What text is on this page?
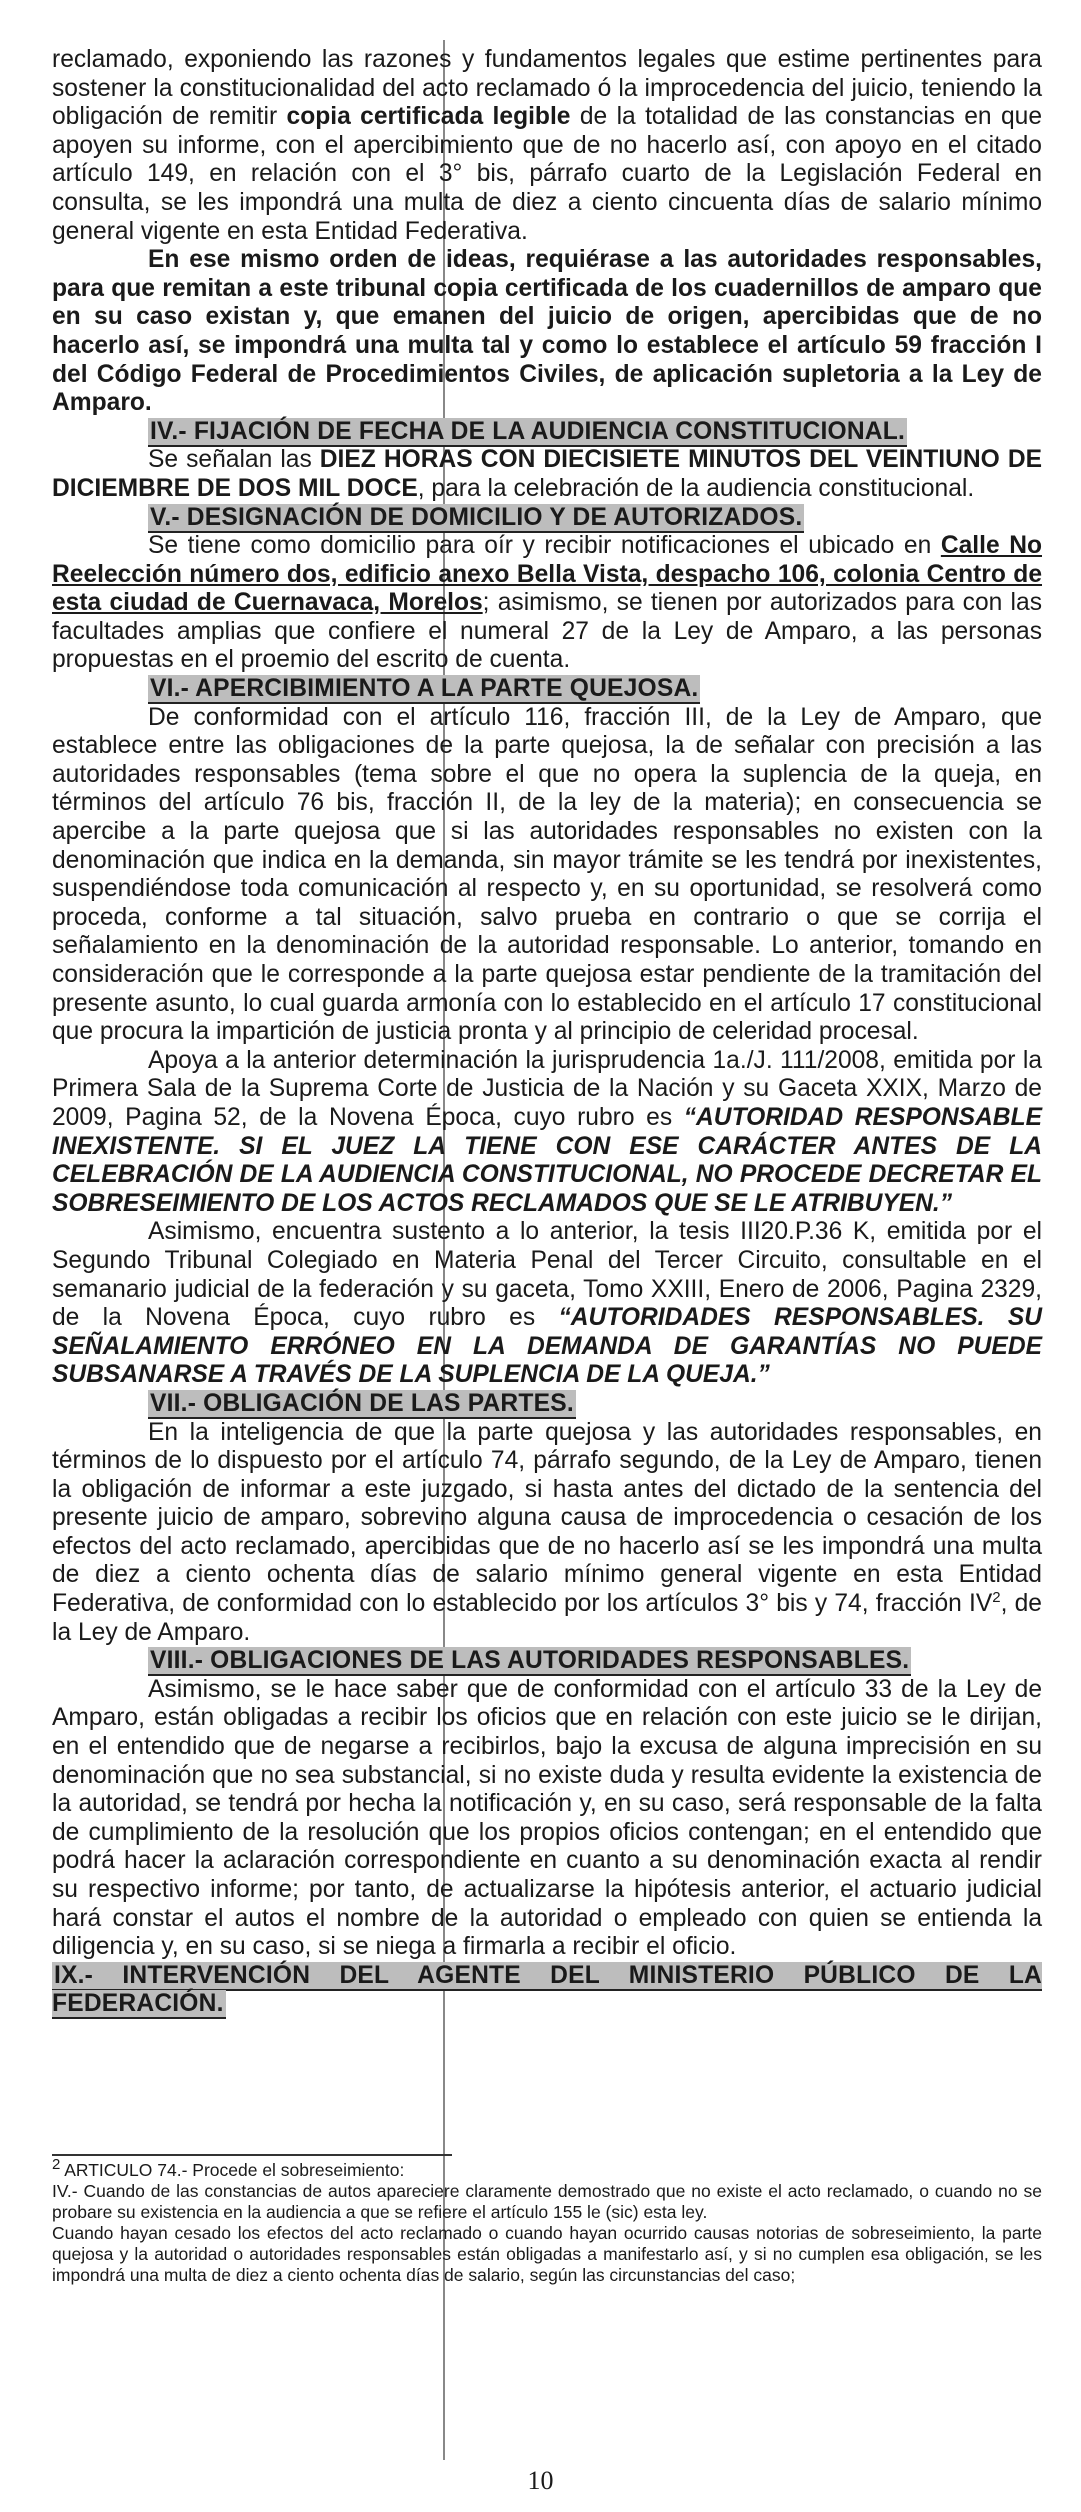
reclamado, exponiendo las razones y fundamentos legales que estime pertinentes para sostener la constitucionalidad del acto reclamado ó la improcedencia del juicio, teniendo la obligación de remitir copia certificada legible de la totalidad de las constancias en que apoyen su informe, con el apercibimiento que de no hacerlo así, con apoyo en el citado artículo 149, en relación con el 3° bis, párrafo cuarto de la Legislación Federal en consulta, se les impondrá una multa de diez a ciento cincuenta días de salario mínimo general vigente en esta Entidad Federativa.

En ese mismo orden de ideas, requiérase a las autoridades responsables, para que remitan a este tribunal copia certificada de los cuadernillos de amparo que en su caso existan y, que emanen del juicio de origen, apercibidas que de no hacerlo así, se impondrá una multa tal y como lo establece el artículo 59 fracción I del Código Federal de Procedimientos Civiles, de aplicación supletoria a la Ley de Amparo.

IV.- FIJACIÓN DE FECHA DE LA AUDIENCIA CONSTITUCIONAL.

Se señalan las DIEZ HORAS CON DIECISIETE MINUTOS DEL VEINTIUNO DE DICIEMBRE DE DOS MIL DOCE, para la celebración de la audiencia constitucional.

V.- DESIGNACIÓN DE DOMICILIO Y DE AUTORIZADOS.

Se tiene como domicilio para oír y recibir notificaciones el ubicado en Calle No Reelección número dos, edificio anexo Bella Vista, despacho 106, colonia Centro de esta ciudad de Cuernavaca, Morelos; asimismo, se tienen por autorizados para con las facultades amplias que confiere el numeral 27 de la Ley de Amparo, a las personas propuestas en el proemio del escrito de cuenta.

VI.- APERCIBIMIENTO A LA PARTE QUEJOSA.

De conformidad con el artículo 116, fracción III, de la Ley de Amparo, que establece entre las obligaciones de la parte quejosa, la de señalar con precisión a las autoridades responsables (tema sobre el que no opera la suplencia de la queja, en términos del artículo 76 bis, fracción II, de la ley de la materia); en consecuencia se apercibe a la parte quejosa que si las autoridades responsables no existen con la denominación que indica en la demanda, sin mayor trámite se les tendrá por inexistentes, suspendiéndose toda comunicación al respecto y, en su oportunidad, se resolverá como proceda, conforme a tal situación, salvo prueba en contrario o que se corrija el señalamiento en la denominación de la autoridad responsable. Lo anterior, tomando en consideración que le corresponde a la parte quejosa estar pendiente de la tramitación del presente asunto, lo cual guarda armonía con lo establecido en el artículo 17 constitucional que procura la impartición de justicia pronta y al principio de celeridad procesal.

Apoya a la anterior determinación la jurisprudencia 1a./J. 111/2008, emitida por la Primera Sala de la Suprema Corte de Justicia de la Nación y su Gaceta XXIX, Marzo de 2009, Pagina 52, de la Novena Época, cuyo rubro es “AUTORIDAD RESPONSABLE INEXISTENTE. SI EL JUEZ LA TIENE CON ESE CARÁCTER ANTES DE LA CELEBRACIÓN DE LA AUDIENCIA CONSTITUCIONAL, NO PROCEDE DECRETAR EL SOBRESEIMIENTO DE LOS ACTOS RECLAMADOS QUE SE LE ATRIBUYEN.”

Asimismo, encuentra sustento a lo anterior, la tesis III20.P.36 K, emitida por el Segundo Tribunal Colegiado en Materia Penal del Tercer Circuito, consultable en el semanario judicial de la federación y su gaceta, Tomo XXIII, Enero de 2006, Pagina 2329, de la Novena Época, cuyo rubro es “AUTORIDADES RESPONSABLES. SU SEÑALAMIENTO ERRÓNEO EN LA DEMANDA DE GARANTÍAS NO PUEDE SUBSANARSE A TRAVÉS DE LA SUPLENCIA DE LA QUEJA.”

VII.- OBLIGACIÓN DE LAS PARTES.

En la inteligencia de que la parte quejosa y las autoridades responsables, en términos de lo dispuesto por el artículo 74, párrafo segundo, de la Ley de Amparo, tienen la obligación de informar a este juzgado, si hasta antes del dictado de la sentencia del presente juicio de amparo, sobrevino alguna causa de improcedencia o cesación de los efectos del acto reclamado, apercibidas que de no hacerlo así se les impondrá una multa de diez a ciento ochenta días de salario mínimo general vigente en esta Entidad Federativa, de conformidad con lo establecido por los artículos 3° bis y 74, fracción $IV^2$, de la Ley de Amparo.

VIII.- OBLIGACIONES DE LAS AUTORIDADES RESPONSABLES.

Asimismo, se le hace saber que de conformidad con el artículo 33 de la Ley de Amparo, están obligadas a recibir los oficios que en relación con este juicio se le dirijan, en el entendido que de negarse a recibirlos, bajo la excusa de alguna imprecisión en su denominación que no sea substancial, si no existe duda y resulta evidente la existencia de la autoridad, se tendrá por hecha la notificación y, en su caso, será responsable de la falta de cumplimiento de la resolución que los propios oficios contengan; en el entendido que podrá hacer la aclaración correspondiente en cuanto a su denominación exacta al rendir su respectivo informe; por tanto, de actualizarse la hipótesis anterior, el actuario judicial hará constar el autos el nombre de la autoridad o empleado con quien se entienda la diligencia y, en su caso, si se niega a firmarla a recibir el oficio.

IX.- INTERVENCIÓN DEL AGENTE DEL MINISTERIO PÚBLICO DE LA FEDERACIÓN.

$^2$ ARTICULO 74.- Procede el sobreseimiento:

IV.- Cuando de las constancias de autos apareciere claramente demostrado que no existe el acto reclamado, o cuando no se probare su existencia en la audiencia a que se refiere el artículo 155 le (sic) esta ley.

Cuando hayan cesado los efectos del acto reclamado o cuando hayan ocurrido causas notorias de sobreseimiento, la parte quejosa y la autoridad o autoridades responsables están obligadas a manifestarlo así, y si no cumplen esa obligación, se les impondrá una multa de diez a ciento ochenta días de salario, según las circunstancias del caso;

10
